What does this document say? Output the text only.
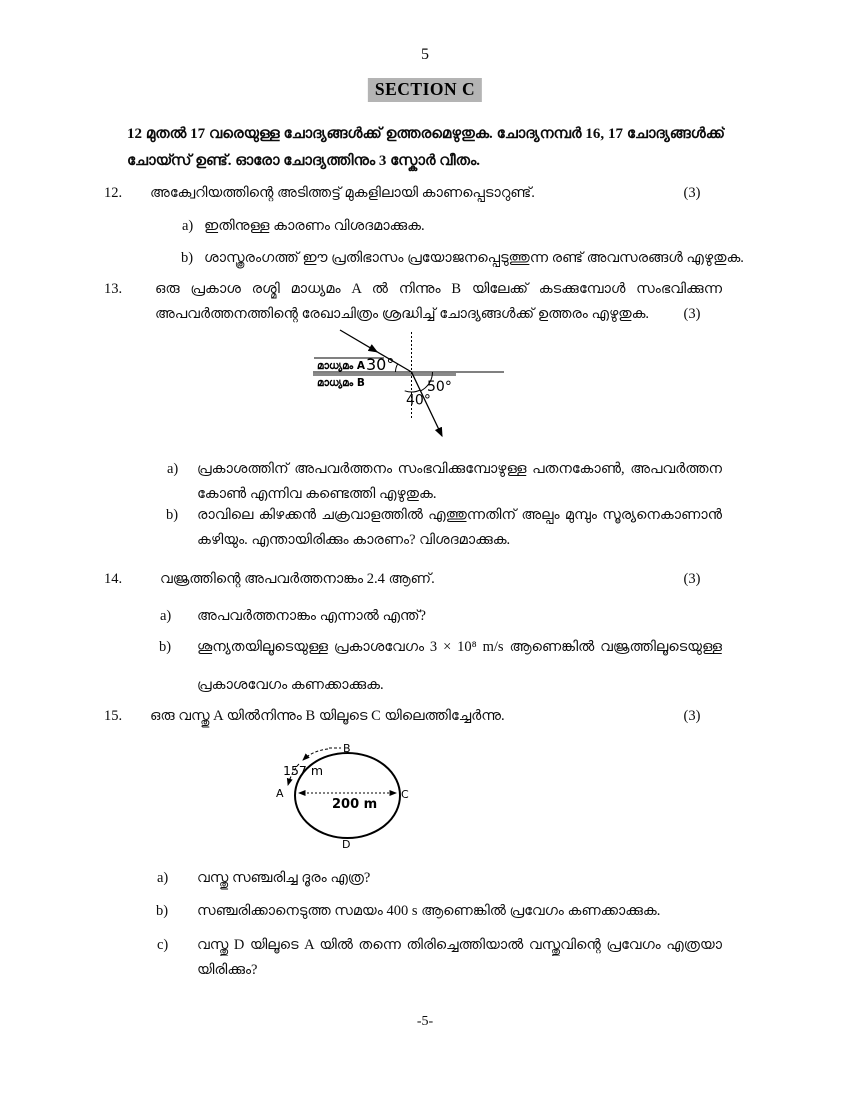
5
SECTION C
12 മുതൽ 17 വരെയുള്ള ചോദ്യങ്ങൾക്ക് ഉത്തരമെഴുതുക. ചോദ്യനമ്പർ 16, 17 ചോദ്യങ്ങൾക്ക്
ചോയ്സ് ഉണ്ട്. ഓരോ ചോദ്യത്തിനും 3 സ്കോർ വീതം.
12. അക്വേറിയത്തിന്റെ അടിത്തട്ട് മുകളിലായി കാണപ്പെടാറുണ്ട്.	(3)
a) ഇതിനുള്ള കാരണം വിശദമാക്കുക.
b) ശാസ്ത്രരംഗത്ത് ഈ പ്രതിഭാസം പ്രയോജനപ്പെടുത്തുന്ന രണ്ട് അവസരങ്ങൾ എഴുതുക.
13. ഒരു പ്രകാശ രശ്മി മാധ്യമം A ൽ നിന്നും B യിലേക്ക് കടക്കുമ്പോൾ സംഭവിക്കുന്ന
അപവർത്തനത്തിന്റെ രേഖാചിത്രം ശ്രദ്ധിച്ച് ചോദ്യങ്ങൾക്ക് ഉത്തരം എഴുതുക.	(3)
മാധ്യമം A
മാധ്യമം B
30°
50°
40°
a) പ്രകാശത്തിന് അപവർത്തനം സംഭവിക്കുമ്പോഴുള്ള പതനകോൺ, അപവർത്തന
കോൺ എന്നിവ കണ്ടെത്തി എഴുതുക.
b) രാവിലെ കിഴക്കൻ ചക്രവാളത്തിൽ എത്തുന്നതിന് അല്പം മുമ്പും സൂര്യനെകാണാൻ
കഴിയും. എന്തായിരിക്കും കാരണം? വിശദമാക്കുക.
14.	വജ്രത്തിന്റെ അപവർത്തനാങ്കം 2.4 ആണ്.	(3)
a) അപവർത്തനാങ്കം എന്നാൽ എന്ത്?
b) ശൂന്യതയിലൂടെയുള്ള പ്രകാശവേഗം 3 × 10⁸ m/s ആണെങ്കിൽ വജ്രത്തിലൂടെയുള്ള
പ്രകാശവേഗം കണക്കാക്കുക.
15. ഒരു വസ്തു A യിൽനിന്നും B യിലൂടെ C യിലെത്തിച്ചേർന്നു.	(3)
157 m
200 m
A
B
C
D
a) വസ്തു സഞ്ചരിച്ച ദൂരം എത്ര?
b) സഞ്ചരിക്കാനെടുത്ത സമയം 400 s ആണെങ്കിൽ പ്രവേഗം കണക്കാക്കുക.
c) വസ്തു D യിലൂടെ A യിൽ തന്നെ തിരിച്ചെത്തിയാൽ വസ്തുവിന്റെ പ്രവേഗം എത്രയാ
യിരിക്കും?
-5-
